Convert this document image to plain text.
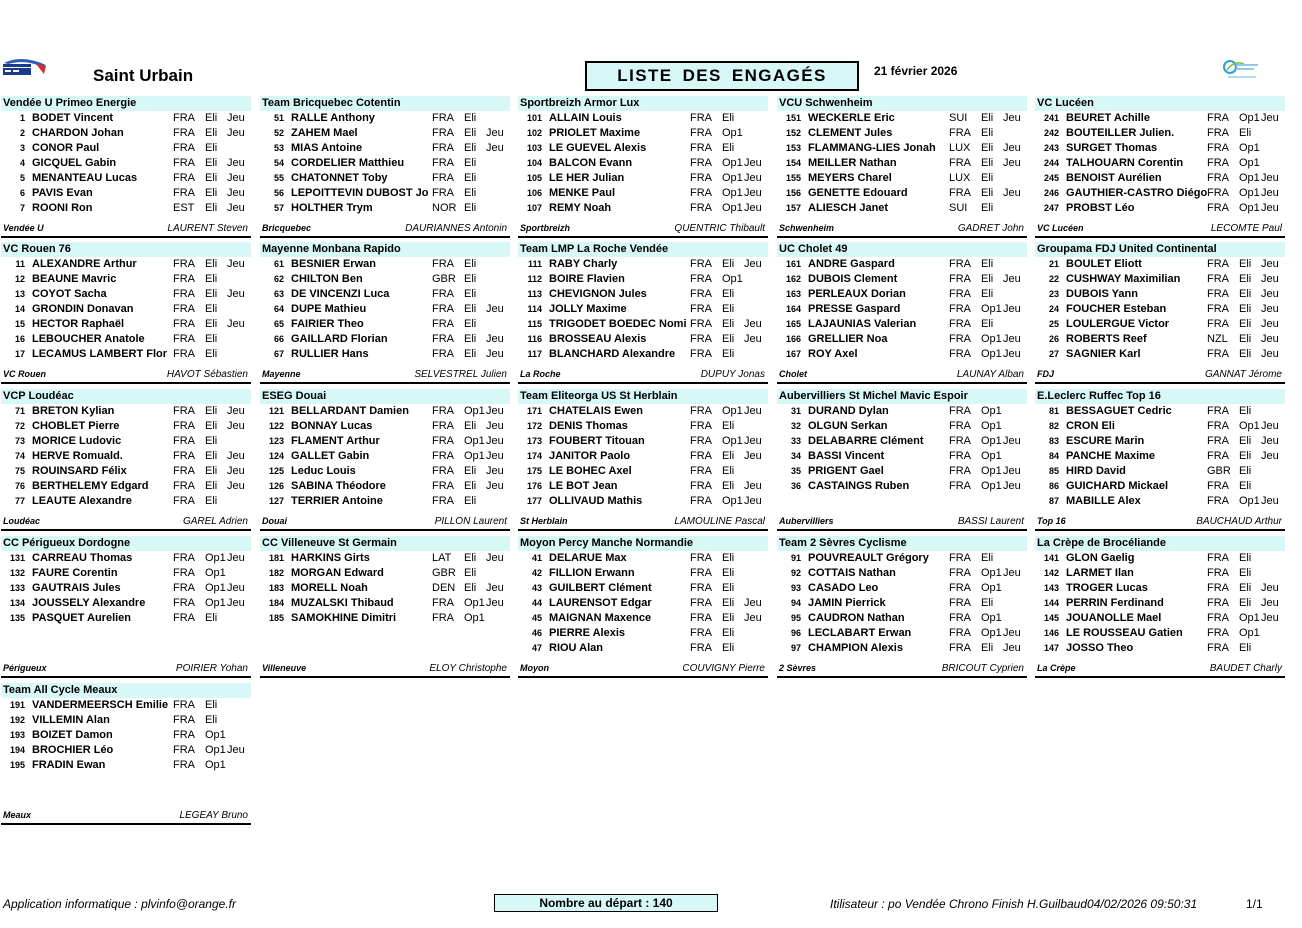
Saint Urbain	LISTE DES ENGAGÉS	21 février 2026
Vendée U Primeo Energie
1 BODET Vincent	FRA Eli Jeu
2 CHARDON Johan	FRA Eli Jeu
3 CONOR Paul	FRA Eli
4 GICQUEL Gabin	FRA Eli Jeu
5 MENANTEAU Lucas	FRA Eli Jeu
6 PAVIS Evan	FRA Eli Jeu
7 ROONI Ron	EST Eli Jeu
Vendée U	LAURENT Steven
Team Bricquebec Cotentin
51 RALLE Anthony	FRA Eli
52 ZAHEM Mael	FRA Eli Jeu
53 MIAS Antoine	FRA Eli Jeu
54 CORDELIER Matthieu	FRA Eli
55 CHATONNET Toby	FRA Eli
56 LEPOITTEVIN DUBOST Jo FRA Eli
57 HOLTHER Trym	NOR Eli
Bricquebec	DAURIANNES Antonin
Sportbreizh Armor Lux
101 ALLAIN Louis	FRA Eli
102 PRIOLET Maxime	FRA Op1
103 LE GUEVEL Alexis	FRA Eli
104 BALCON Evann	FRA Op1 Jeu
105 LE HER Julian	FRA Op1 Jeu
106 MENKE Paul	FRA Op1 Jeu
107 REMY Noah	FRA Op1 Jeu
Sportbreizh	QUENTRIC Thibault
VCU Schwenheim
151 WECKERLE Eric	SUI Eli Jeu
152 CLEMENT Jules	FRA Eli
153 FLAMMANG-LIES Jonah	LUX Eli Jeu
154 MEILLER Nathan	FRA Eli Jeu
155 MEYERS Charel	LUX Eli
156 GENETTE Edouard	FRA Eli Jeu
157 ALIESCH Janet	SUI Eli
Schwenheim	GADRET John
VC Lucéen
241 BEURET Achille	FRA Op1 Jeu
242 BOUTEILLER Julien.	FRA Eli
243 SURGET Thomas	FRA Op1
244 TALHOUARN Corentin	FRA Op1
245 BENOIST Aurélien	FRA Op1 Jeu
246 GAUTHIER-CASTRO Diégo FRA Op1 Jeu
247 PROBST Léo	FRA Op1 Jeu
VC Lucéen	LECOMTE Paul
VC Rouen 76
11 ALEXANDRE Arthur	FRA Eli Jeu
12 BEAUNE Mavric	FRA Eli
13 COYOT Sacha	FRA Eli Jeu
14 GRONDIN Donavan	FRA Eli
15 HECTOR Raphaël	FRA Eli Jeu
16 LEBOUCHER Anatole	FRA Eli
17 LECAMUS LAMBERT Flor FRA Eli
VC Rouen	HAVOT Sébastien
Mayenne Monbana Rapido
61 BESNIER Erwan	FRA Eli
62 CHILTON Ben	GBR Eli
63 DE VINCENZI Luca	FRA Eli
64 DUPE Mathieu	FRA Eli Jeu
65 FAIRIER Theo	FRA Eli
66 GAILLARD Florian	FRA Eli Jeu
67 RULLIER Hans	FRA Eli Jeu
Mayenne	SELVESTREL Julien
Team LMP La Roche Vendée
111 RABY Charly	FRA Eli Jeu
112 BOIRE Flavien	FRA Op1
113 CHEVIGNON Jules	FRA Eli
114 JOLLY Maxime	FRA Eli
115 TRIGODET BOEDEC Nomi FRA Eli Jeu
116 BROSSEAU Alexis	FRA Eli Jeu
117 BLANCHARD Alexandre	FRA Eli
La Roche	DUPUY Jonas
UC Cholet 49
161 ANDRE Gaspard	FRA Eli
162 DUBOIS Clement	FRA Eli Jeu
163 PERLEAUX Dorian	FRA Eli
164 PRESSE Gaspard	FRA Op1 Jeu
165 LAJAUNIAS Valerian	FRA Eli
166 GRELLIER Noa	FRA Op1 Jeu
167 ROY Axel	FRA Op1 Jeu
Cholet	LAUNAY Alban
Groupama FDJ United Continental
21 BOULET Eliott	FRA Eli Jeu
22 CUSHWAY Maximilian	FRA Eli Jeu
23 DUBOIS Yann	FRA Eli Jeu
24 FOUCHER Esteban	FRA Eli Jeu
25 LOULERGUE Victor	FRA Eli Jeu
26 ROBERTS Reef	NZL Eli Jeu
27 SAGNIER Karl	FRA Eli Jeu
FDJ	GANNAT Jérome
VCP Loudéac
71 BRETON Kylian	FRA Eli Jeu
72 CHOBLET Pierre	FRA Eli Jeu
73 MORICE Ludovic	FRA Eli
74 HERVE Romuald.	FRA Eli Jeu
75 ROUINSARD Félix	FRA Eli Jeu
76 BERTHELEMY Edgard	FRA Eli Jeu
77 LEAUTE Alexandre	FRA Eli
Loudéac	GAREL Adrien
ESEG Douai
121 BELLARDANT Damien	FRA Op1 Jeu
122 BONNAY Lucas	FRA Eli Jeu
123 FLAMENT Arthur	FRA Op1 Jeu
124 GALLET Gabin	FRA Op1 Jeu
125 Leduc Louis	FRA Eli Jeu
126 SABINA Théodore	FRA Eli Jeu
127 TERRIER Antoine	FRA Eli
Douai	PILLON Laurent
Team Eliteorga US St Herblain
171 CHATELAIS Ewen	FRA Op1 Jeu
172 DENIS Thomas	FRA Eli
173 FOUBERT Titouan	FRA Op1 Jeu
174 JANITOR Paolo	FRA Eli Jeu
175 LE BOHEC Axel	FRA Eli
176 LE BOT Jean	FRA Eli Jeu
177 OLLIVAUD Mathis	FRA Op1 Jeu
St Herblain	LAMOULINE Pascal
Aubervilliers St Michel Mavic Espoir
31 DURAND Dylan	FRA Op1
32 OLGUN Serkan	FRA Op1
33 DELABARRE Clément	FRA Op1 Jeu
34 BASSI Vincent	FRA Op1
35 PRIGENT Gael	FRA Op1 Jeu
36 CASTAINGS Ruben	FRA Op1 Jeu
Aubervilliers	BASSI Laurent
E.Leclerc Ruffec Top 16
81 BESSAGUET Cedric	FRA Eli
82 CRON Eli	FRA Op1 Jeu
83 ESCURE Marin	FRA Eli Jeu
84 PANCHE Maxime	FRA Eli Jeu
85 HIRD David	GBR Eli
86 GUICHARD Mickael	FRA Eli
87 MABILLE Alex	FRA Op1 Jeu
Top 16	BAUCHAUD Arthur
CC Périgueux Dordogne
131 CARREAU Thomas	FRA Op1 Jeu
132 FAURE Corentin	FRA Op1
133 GAUTRAIS Jules	FRA Op1 Jeu
134 JOUSSELY Alexandre	FRA Op1 Jeu
135 PASQUET Aurelien	FRA Eli
Périgueux	POIRIER Yohan
CC Villeneuve St Germain
181 HARKINS Girts	LAT Eli Jeu
182 MORGAN Edward	GBR Eli
183 MORELL Noah	DEN Eli Jeu
184 MUZALSKI Thibaud	FRA Op1 Jeu
185 SAMOKHINE Dimitri	FRA Op1
Villeneuve	ELOY Christophe
Moyon Percy Manche Normandie
41 DELARUE Max	FRA Eli
42 FILLION Erwann	FRA Eli
43 GUILBERT Clément	FRA Eli
44 LAURENSOT Edgar	FRA Eli Jeu
45 MAIGNAN Maxence	FRA Eli Jeu
46 PIERRE Alexis	FRA Eli
47 RIOU Alan	FRA Eli
Moyon	COUVIGNY Pierre
Team 2 Sèvres Cyclisme
91 POUVREAULT Grégory	FRA Eli
92 COTTAIS Nathan	FRA Op1 Jeu
93 CASADO Leo	FRA Op1
94 JAMIN Pierrick	FRA Eli
95 CAUDRON Nathan	FRA Op1
96 LECLABART Erwan	FRA Op1 Jeu
97 CHAMPION Alexis	FRA Eli Jeu
2 Sèvres	BRICOUT Cyprien
La Crèpe de Brocéliande
141 GLON Gaelig	FRA Eli
142 LARMET Ilan	FRA Eli
143 TROGER Lucas	FRA Eli Jeu
144 PERRIN Ferdinand	FRA Eli Jeu
145 JOUANOLLE Mael	FRA Op1 Jeu
146 LE ROUSSEAU Gatien	FRA Op1
147 JOSSO Theo	FRA Eli
La Crèpe	BAUDET Charly
Team All Cycle Meaux
191 VANDERMEERSCH Emilie FRA Eli
192 VILLEMIN Alan	FRA Eli
193 BOIZET Damon	FRA Op1
194 BROCHIER Léo	FRA Op1 Jeu
195 FRADIN Ewan	FRA Op1
Meaux	LEGEAY Bruno
Application informatique : plvinfo@orange.fr	Nombre au départ : 140	Itilisateur : po Vendée Chrono Finish H.Guilbaud04/02/2026 09:50:31	1/1
